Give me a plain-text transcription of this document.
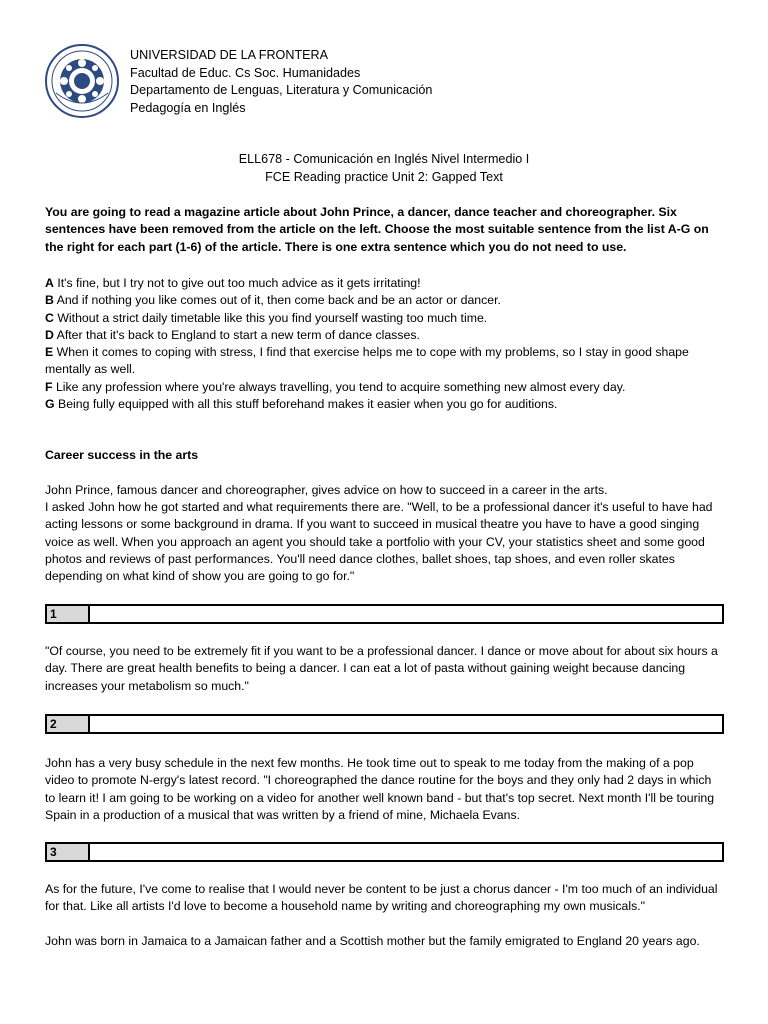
UNIVERSIDAD DE LA FRONTERA
Facultad de Educ. Cs Soc. Humanidades
Departamento de Lenguas, Literatura y Comunicación
Pedagogía en Inglés
ELL678 - Comunicación en Inglés Nivel Intermedio I
FCE Reading practice Unit 2: Gapped Text
You are going to read a magazine article about John Prince, a dancer, dance teacher and choreographer. Six sentences have been removed from the article on the left. Choose the most suitable sentence from the list A-G on the right for each part (1-6) of the article. There is one extra sentence which you do not need to use.
A It's fine, but I try not to give out too much advice as it gets irritating!
B And if nothing you like comes out of it, then come back and be an actor or dancer.
C Without a strict daily timetable like this you find yourself wasting too much time.
D After that it's back to England to start a new term of dance classes.
E When it comes to coping with stress, I find that exercise helps me to cope with my problems, so I stay in good shape mentally as well.
F Like any profession where you're always travelling, you tend to acquire something new almost every day.
G Being fully equipped with all this stuff beforehand makes it easier when you go for auditions.
Career success in the arts
John Prince, famous dancer and choreographer, gives advice on how to succeed in a career in the arts.
I asked John how he got started and what requirements there are. "Well, to be a professional dancer it's useful to have had acting lessons or some background in drama. If you want to succeed in musical theatre you have to have a good singing voice as well. When you approach an agent you should take a portfolio with your CV, your statistics sheet and some good photos and reviews of past performances. You'll need dance clothes, ballet shoes, tap shoes, and even roller skates depending on what kind of show you are going to go for."
1
"Of course, you need to be extremely fit if you want to be a professional dancer. I dance or move about for about six hours a day. There are great health benefits to being a dancer. I can eat a lot of pasta without gaining weight because dancing increases your metabolism so much."
2
John has a very busy schedule in the next few months. He took time out to speak to me today from the making of a pop video to promote N-ergy's latest record. "I choreographed the dance routine for the boys and they only had 2 days in which to learn it! I am going to be working on a video for another well known band - but that's top secret. Next month I'll be touring Spain in a production of a musical that was written by a friend of mine, Michaela Evans.
3
As for the future, I've come to realise that I would never be content to be just a chorus dancer - I'm too much of an individual for that. Like all artists I'd love to become a household name by writing and choreographing my own musicals."
John was born in Jamaica to a Jamaican father and a Scottish mother but the family emigrated to England 20 years ago.
